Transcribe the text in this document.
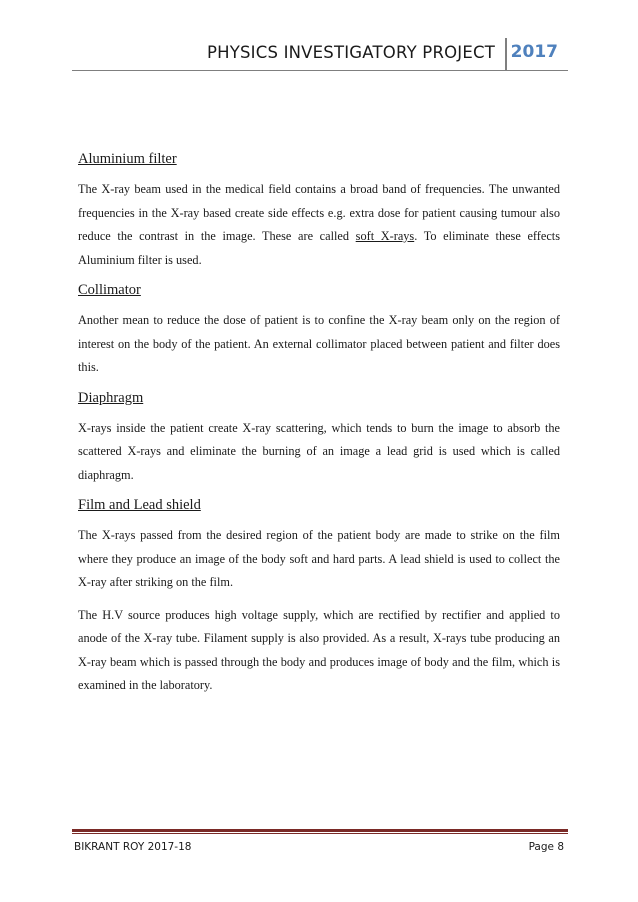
PHYSICS INVESTIGATORY PROJECT 2017
Aluminium filter

The X-ray beam used in the medical field contains a broad band of frequencies. The unwanted frequencies in the X-ray based create side effects e.g. extra dose for patient causing tumour also reduce the contrast in the image. These are called soft X-rays. To eliminate these effects Aluminium filter is used.

Collimator

Another mean to reduce the dose of patient is to confine the X-ray beam only on the region of interest on the body of the patient. An external collimator placed between patient and filter does this.

Diaphragm

X-rays inside the patient create X-ray scattering, which tends to burn the image to absorb the scattered X-rays and eliminate the burning of an image a lead grid is used which is called diaphragm.

Film and Lead shield

The X-rays passed from the desired region of the patient body are made to strike on the film where they produce an image of the body soft and hard parts. A lead shield is used to collect the X-ray after striking on the film.

The H.V source produces high voltage supply, which are rectified by rectifier and applied to anode of the X-ray tube. Filament supply is also provided. As a result, X-rays tube producing an X-ray beam which is passed through the body and produces image of body and the film, which is examined in the laboratory.

BIKRANT ROY 2017-18	Page 8
